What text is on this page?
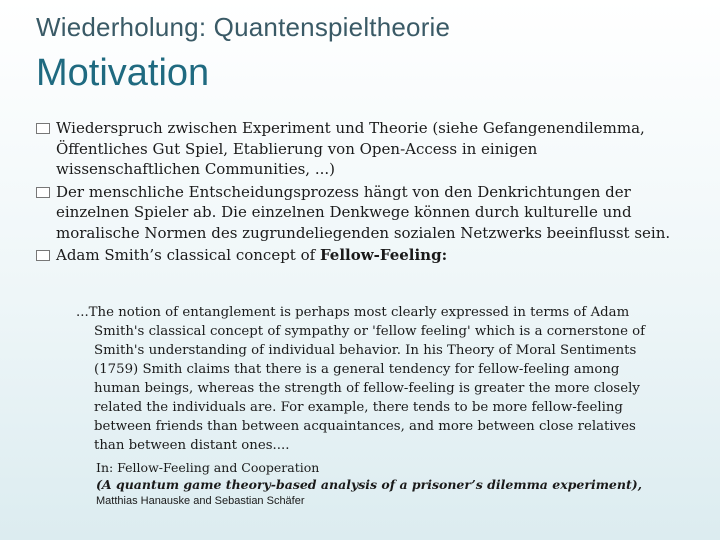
Wiederholung: Quantenspieltheorie
Motivation
Wiederspruch zwischen Experiment und Theorie (siehe Gefangenendilemma, Öffentliches Gut Spiel, Etablierung von Open-Access in einigen wissenschaftlichen Communities, ...)
Der menschliche Entscheidungsprozess hängt von den Denkrichtungen der einzelnen Spieler ab. Die einzelnen Denkwege können durch kulturelle und moralische Normen des zugrundeliegenden sozialen Netzwerks beeinflusst sein.
Adam Smith’s classical concept of Fellow-Feeling:
...The notion of entanglement is perhaps most clearly expressed in terms of Adam Smith's classical concept of sympathy or 'fellow feeling' which is a cornerstone of Smith's understanding of individual behavior. In his Theory of Moral Sentiments (1759) Smith claims that there is a general tendency for fellow-feeling among human beings, whereas the strength of fellow-feeling is greater the more closely related the individuals are. For example, there tends to be more fellow-feeling between friends than between acquaintances, and more between close relatives than between distant ones....
In: Fellow-Feeling and Cooperation
(A quantum game theory-based analysis of a prisoner’s dilemma experiment),
Matthias Hanauske and Sebastian Schäfer
